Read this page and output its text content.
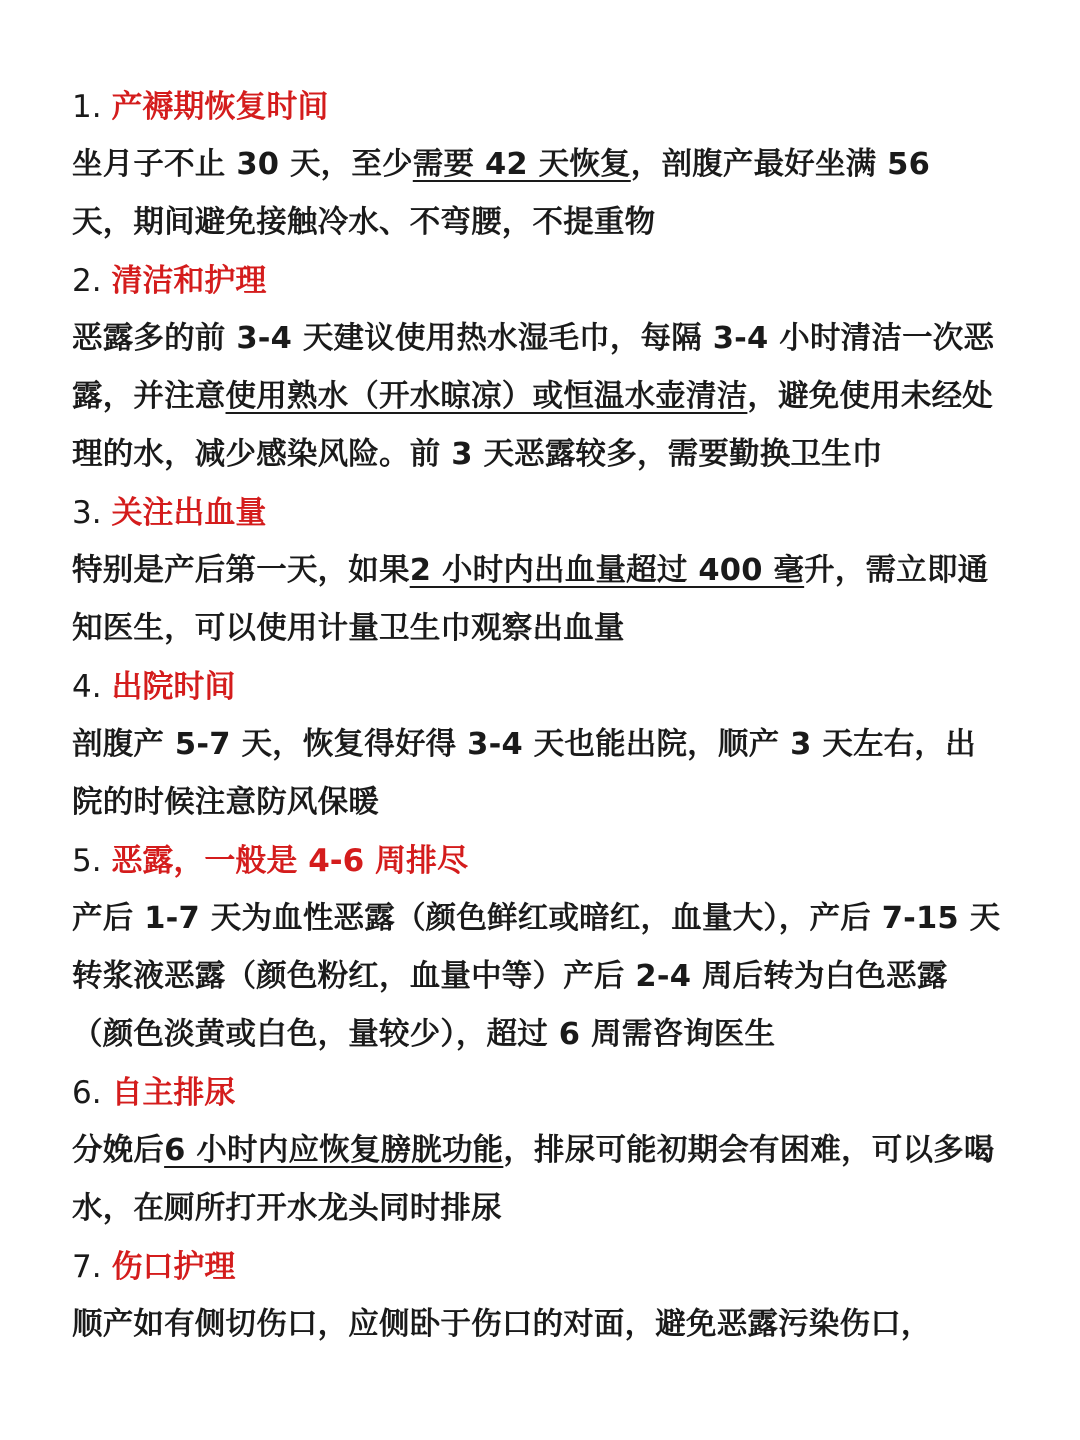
1. 产褥期恢复时间
坐月子不止 30 天，至少需要 42 天恢复，剖腹产最好坐满 56 天，期间避免接触冷水、不弯腰，不提重物
2. 清洁和护理
恶露多的前 3-4 天建议使用热水湿毛巾，每隔 3-4 小时清洁一次恶露，并注意使用熟水（开水晾凉）或恒温水壶清洁，避免使用未经处理的水，减少感染风险。前 3 天恶露较多，需要勤换卫生巾
3. 关注出血量
特别是产后第一天，如果2 小时内出血量超过 400 毫升，需立即通知医生，可以使用计量卫生巾观察出血量
4. 出院时间
剖腹产 5-7 天，恢复得好得 3-4 天也能出院，顺产 3 天左右，出院的时候注意防风保暖
5. 恶露，一般是 4-6 周排尽
产后 1-7 天为血性恶露（颜色鲜红或暗红，血量大），产后 7-15 天转浆液恶露（颜色粉红，血量中等）产后 2-4 周后转为白色恶露（颜色淡黄或白色，量较少），超过 6 周需咨询医生
6. 自主排尿
分娩后6 小时内应恢复膀胱功能，排尿可能初期会有困难，可以多喝水，在厕所打开水龙头同时排尿
7. 伤口护理
顺产如有侧切伤口，应侧卧于伤口的对面，避免恶露污染伤口，
